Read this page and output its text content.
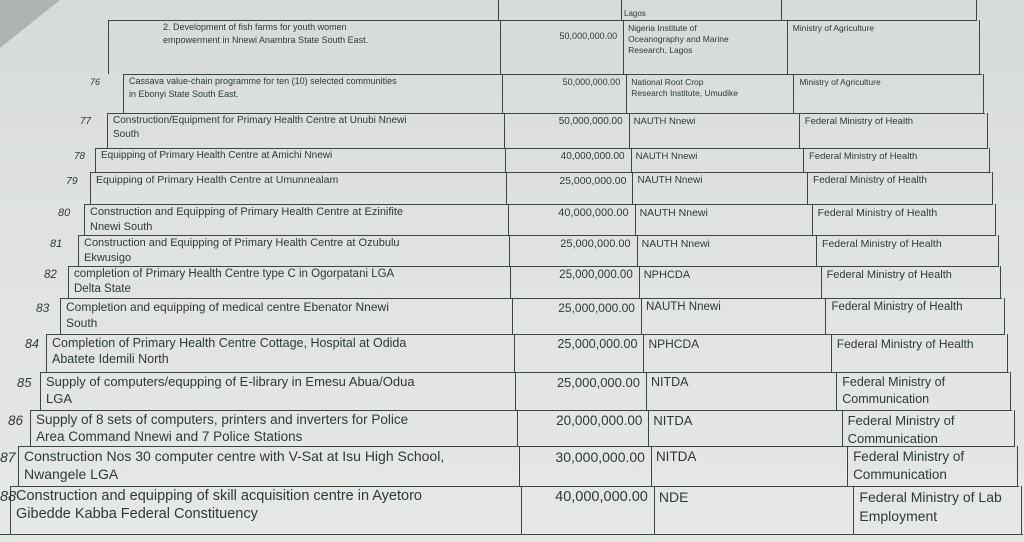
Lagos
2. Development of fish farms for youth women
empowerment in Nnewi Anambra State South East.	50,000,000.00
Nigeria Institute of
Oceanography and Marine
Research, Lagos
Ministry of Agriculture
76	Cassava value-chain programme for ten (10) selected communities
in Ebonyi State South East.
50,000,000.00 National Root Crop
Research Institute, Umudike
Ministry of Agriculture
77 Construction/Equipment for Primary Health Centre at Unubi Nnewi
South
50,000,000.00 NAUTH Nnewi	Federal Ministry of Health
78 Equipping of Primary Health Centre at Amichi Nnewi	40,000,000.00 NAUTH Nnewi	Federal Ministry of Health
79 Equipping of Primary Health Centre at Umunnealam	25,000,000.00 NAUTH Nnewi	Federal Ministry of Health
80 Construction and Equipping of Primary Health Centre at Ezinifite
Nnewi South
40,000,000.00 NAUTH Nnewi	Federal Ministry of Health
81 Construction and Equipping of Primary Health Centre at Ozubulu
Ekwusigo
25,000,000.00 NAUTH Nnewi	Federal Ministry of Health
82 completion of Primary Health Centre type C in Ogorpatani LGA
Delta State
25,000,000.00 NPHCDA	Federal Ministry of Health
83 Completion and equipping of medical centre Ebenator Nnewi
South
25,000,000.00 NAUTH Nnewi	Federal Ministry of Health
84 Completion of Primary Health Centre Cottage, Hospital at Odida
Abatete Idemili North
25,000,000.00 NPHCDA	Federal Ministry of Health
85 Supply of computers/equpping of E-library in Emesu Abua/Odua
LGA
25,000,000.00 NITDA	Federal Ministry of
Communication
86 Supply of 8 sets of computers, printers and inverters for Police
Area Command Nnewi and 7 Police Stations
20,000,000.00 NITDA	Federal Ministry of
Communication
87 Construction Nos 30 computer centre with V-Sat at Isu High School,
Nwangele LGA
30,000,000.00 NITDA	Federal Ministry of
Communication
88 Construction and equipping of skill acquisition centre in Ayetoro
Gibedde Kabba Federal Constituency
40,000,000.00 NDE	Federal Ministry of Lab
Employment
